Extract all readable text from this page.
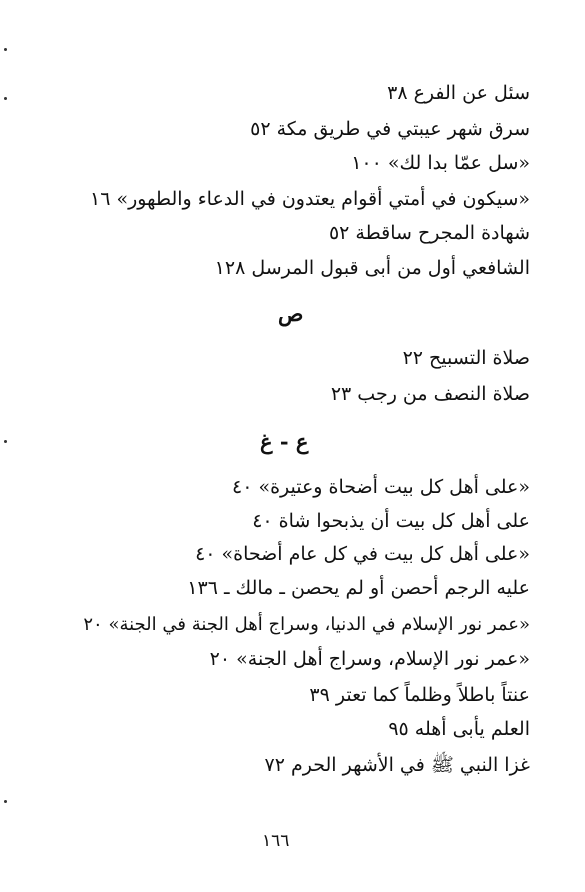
سئل عن الفرع ٣٨
سرق شهر عيبتي في طريق مكة ٥٢
«سل عمّا بدا لك» ١٠٠
«سيكون في أمتي أقوام يعتدون في الدعاء والطهور» ١٦
شهادة المجرح ساقطة ٥٢
الشافعي أول من أبى قبول المرسل ١٢٨
ص
صلاة التسبيح ٢٢
صلاة النصف من رجب ٢٣
ع - غ
«على أهل كل بيت أضحاة وعتيرة» ٤٠
على أهل كل بيت أن يذبحوا شاة ٤٠
«على أهل كل بيت في كل عام أضحاة» ٤٠
عليه الرجم أحصن أو لم يحصن ـ مالك ـ ١٣٦
«عمر نور الإسلام في الدنيا، وسراج أهل الجنة في الجنة» ٢٠
«عمر نور الإسلام، وسراج أهل الجنة» ٢٠
عنتاً باطلاً وظلماً كما تعتر ٣٩
العلم يأبى أهله ٩٥
غزا النبي ﷺ في الأشهر الحرم ٧٢
١٦٦
